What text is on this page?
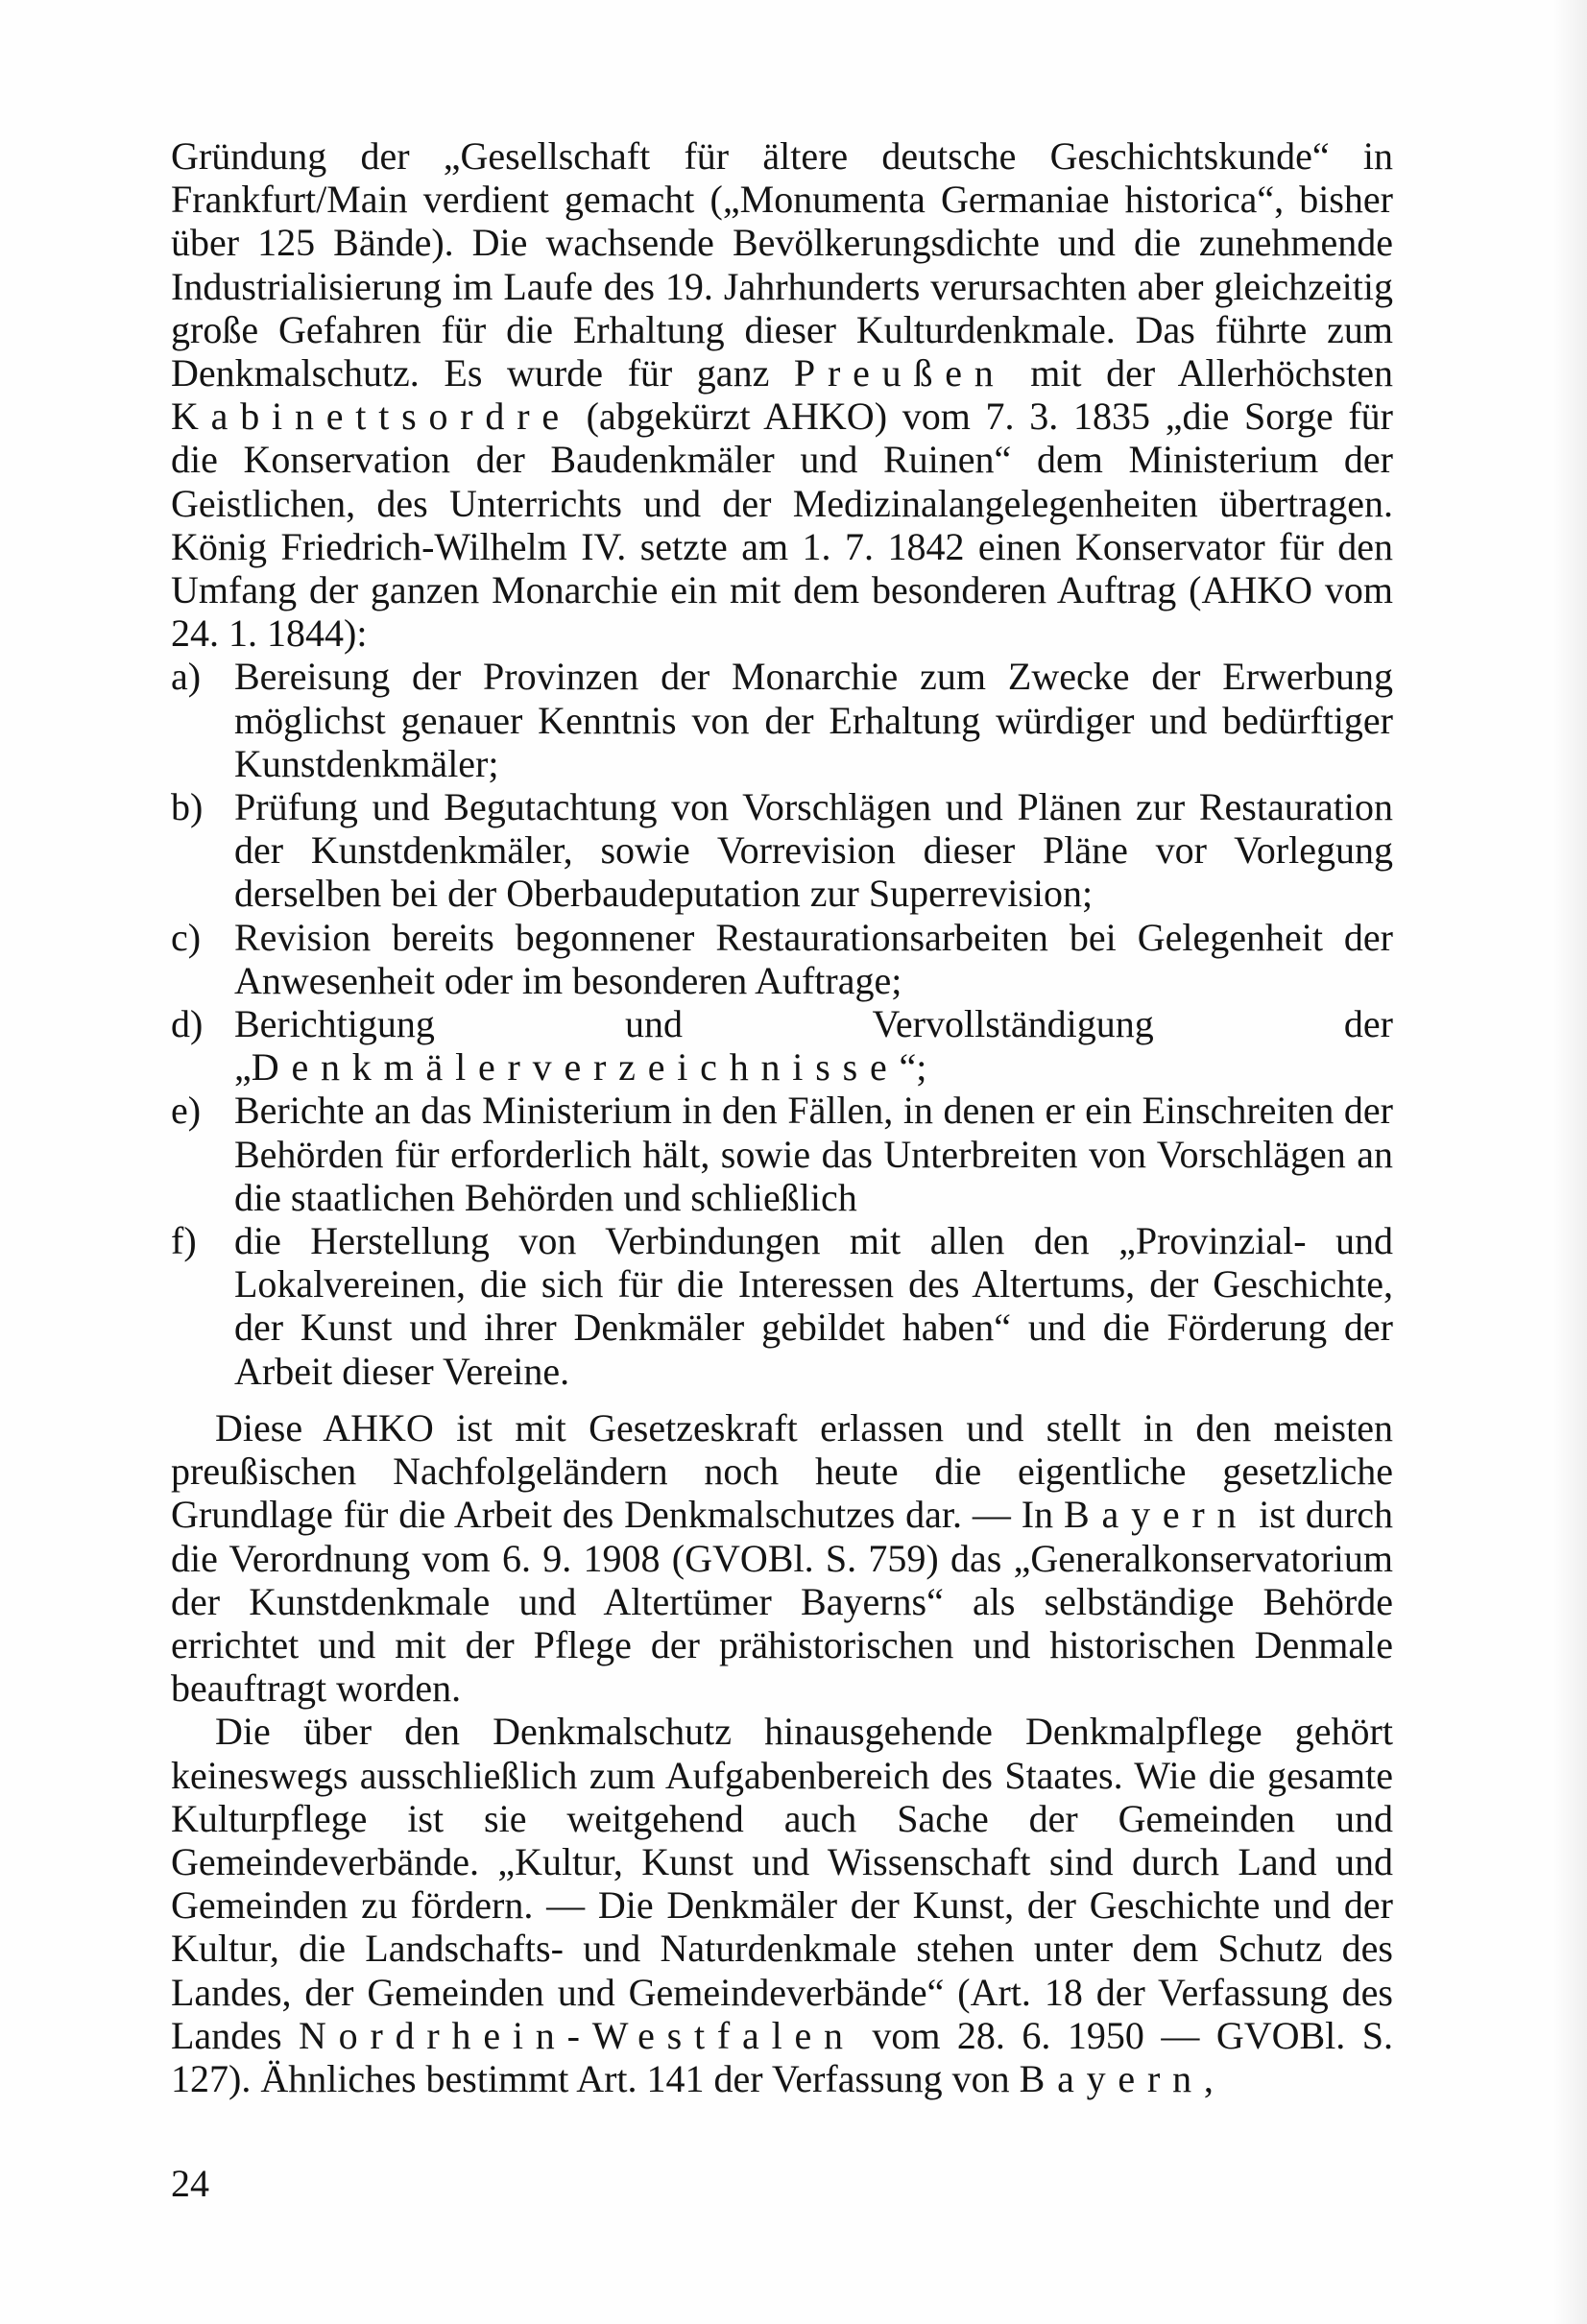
Gründung der „Gesellschaft für ältere deutsche Geschichtskunde“ in Frankfurt/Main verdient gemacht („Monumenta Germaniae historica“, bisher über 125 Bände). Die wachsende Bevölkerungsdichte und die zunehmende Industrialisierung im Laufe des 19. Jahrhunderts verursachten aber gleichzeitig große Gefahren für die Erhaltung dieser Kulturdenkmale. Das führte zum Denkmalschutz. Es wurde für ganz Preußen mit der Allerhöchsten Kabinettsordre (abgekürzt AHKO) vom 7. 3. 1835 „die Sorge für die Konservation der Baudenkmäler und Ruinen“ dem Ministerium der Geistlichen, des Unterrichts und der Medizinalangelegenheiten übertragen. König Friedrich-Wilhelm IV. setzte am 1. 7. 1842 einen Konservator für den Umfang der ganzen Monarchie ein mit dem besonderen Auftrag (AHKO vom 24. 1. 1844):

a) Bereisung der Provinzen der Monarchie zum Zwecke der Erwerbung möglichst genauer Kenntnis von der Erhaltung würdiger und bedürftiger Kunstdenkmäler;
b) Prüfung und Begutachtung von Vorschlägen und Plänen zur Restauration der Kunstdenkmäler, sowie Vorrevision dieser Pläne vor Vorlegung derselben bei der Oberbaudeputation zur Superrevision;
c) Revision bereits begonnener Restaurationsarbeiten bei Gelegenheit der Anwesenheit oder im besonderen Auftrage;
d) Berichtigung und Vervollständigung der „Denkmälerverzeichnisse“;
e) Berichte an das Ministerium in den Fällen, in denen er ein Einschreiten der Behörden für erforderlich hält, sowie das Unterbreiten von Vorschlägen an die staatlichen Behörden und schließlich
f) die Herstellung von Verbindungen mit allen den „Provinzial- und Lokalvereinen, die sich für die Interessen des Altertums, der Geschichte, der Kunst und ihrer Denkmäler gebildet haben“ und die Förderung der Arbeit dieser Vereine.

Diese AHKO ist mit Gesetzeskraft erlassen und stellt in den meisten preußischen Nachfolgeländern noch heute die eigentliche gesetzliche Grundlage für die Arbeit des Denkmalschutzes dar. — In Bayern ist durch die Verordnung vom 6. 9. 1908 (GVOBl. S. 759) das „Generalkonservatorium der Kunstdenkmale und Altertümer Bayerns“ als selbständige Behörde errichtet und mit der Pflege der prähistorischen und historischen Denmale beauftragt worden.

Die über den Denkmalschutz hinausgehende Denkmalpflege gehört keineswegs ausschließlich zum Aufgabenbereich des Staates. Wie die gesamte Kulturpflege ist sie weitgehend auch Sache der Gemeinden und Gemeindeverbände. „Kultur, Kunst und Wissenschaft sind durch Land und Gemeinden zu fördern. — Die Denkmäler der Kunst, der Geschichte und der Kultur, die Landschafts- und Naturdenkmale stehen unter dem Schutz des Landes, der Gemeinden und Gemeindeverbände“ (Art. 18 der Verfassung des Landes Nordrhein-Westfalen vom 28. 6. 1950 — GVOBl. S. 127). Ähnliches bestimmt Art. 141 der Verfassung von Bayern,

24
